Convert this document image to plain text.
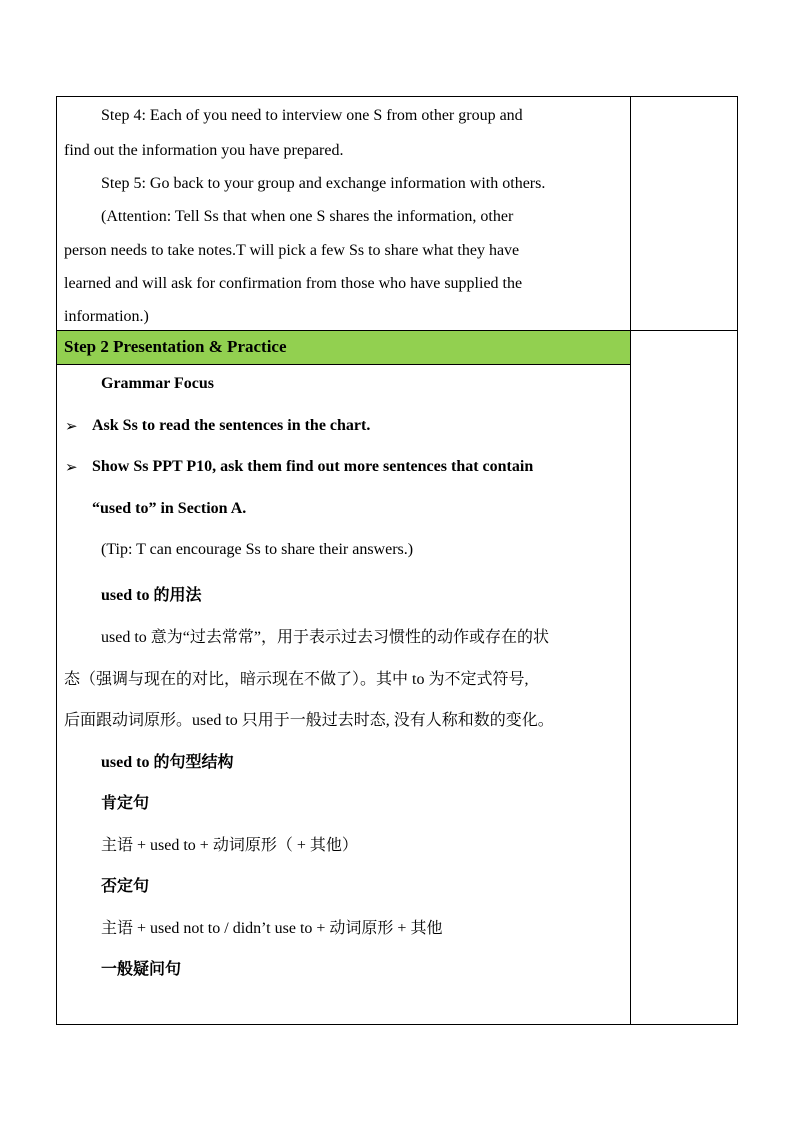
Step 4: Each of you need to interview one S from other group and
find out the information you have prepared.
Step 5: Go back to your group and exchange information with others.
(Attention: Tell Ss that when one S shares the information, other
person needs to take notes.T will pick a few Ss to share what they have
learned and will ask for confirmation from those who have supplied the
information.)
Step 2 Presentation & Practice
Grammar Focus
➢ Ask Ss to read the sentences in the chart.
➢ Show Ss PPT P10, ask them find out more sentences that contain
“used to” in Section A.
(Tip: T can encourage Ss to share their answers.)
used to 的用法
used to 意为“过去常常”，用于表示过去习惯性的动作或存在的状
态（强调与现在的对比，暗示现在不做了）。其中 to 为不定式符号,
后面跟动词原形。used to 只用于一般过去时态, 没有人称和数的变化。
used to 的句型结构
肯定句
主语 + used to + 动词原形（ + 其他）
否定句
主语 + used not to / didn’t use to + 动词原形 + 其他
一般疑问句
